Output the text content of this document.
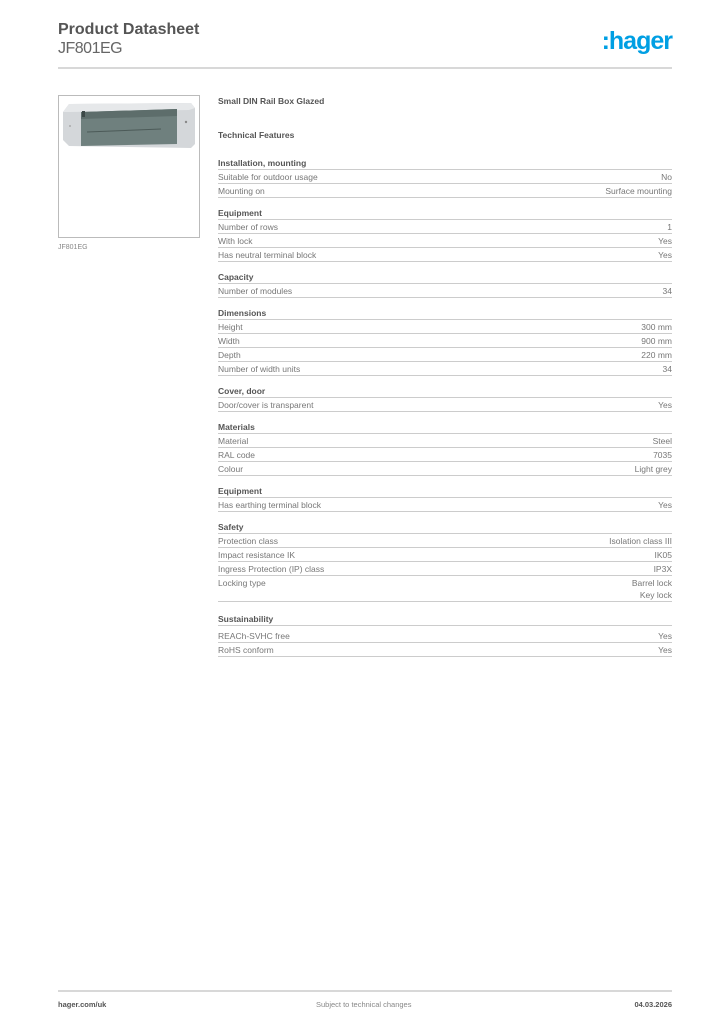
Product Datasheet
JF801EG	:hager
JF801EG
Small DIN Rail Box Glazed
Technical Features
Installation, mounting
Suitable for outdoor usage	No
Mounting on	Surface mounting
Equipment
Number of rows	1
With lock	Yes
Has neutral terminal block	Yes
Capacity
Number of modules	34
Dimensions
Height	300 mm
Width	900 mm
Depth	220 mm
Number of width units	34
Cover, door
Door/cover is transparent	Yes
Materials
Material	Steel
RAL code	7035
Colour	Light grey
Equipment
Has earthing terminal block	Yes
Safety
Protection class	Isolation class III
Impact resistance IK	IK05
Ingress Protection (IP) class	IP3X
Locking type	Barrel lock
Key lock
Sustainability
REACh-SVHC free	Yes
RoHS conform	Yes
hager.com/uk	Subject to technical changes	04.03.2026
